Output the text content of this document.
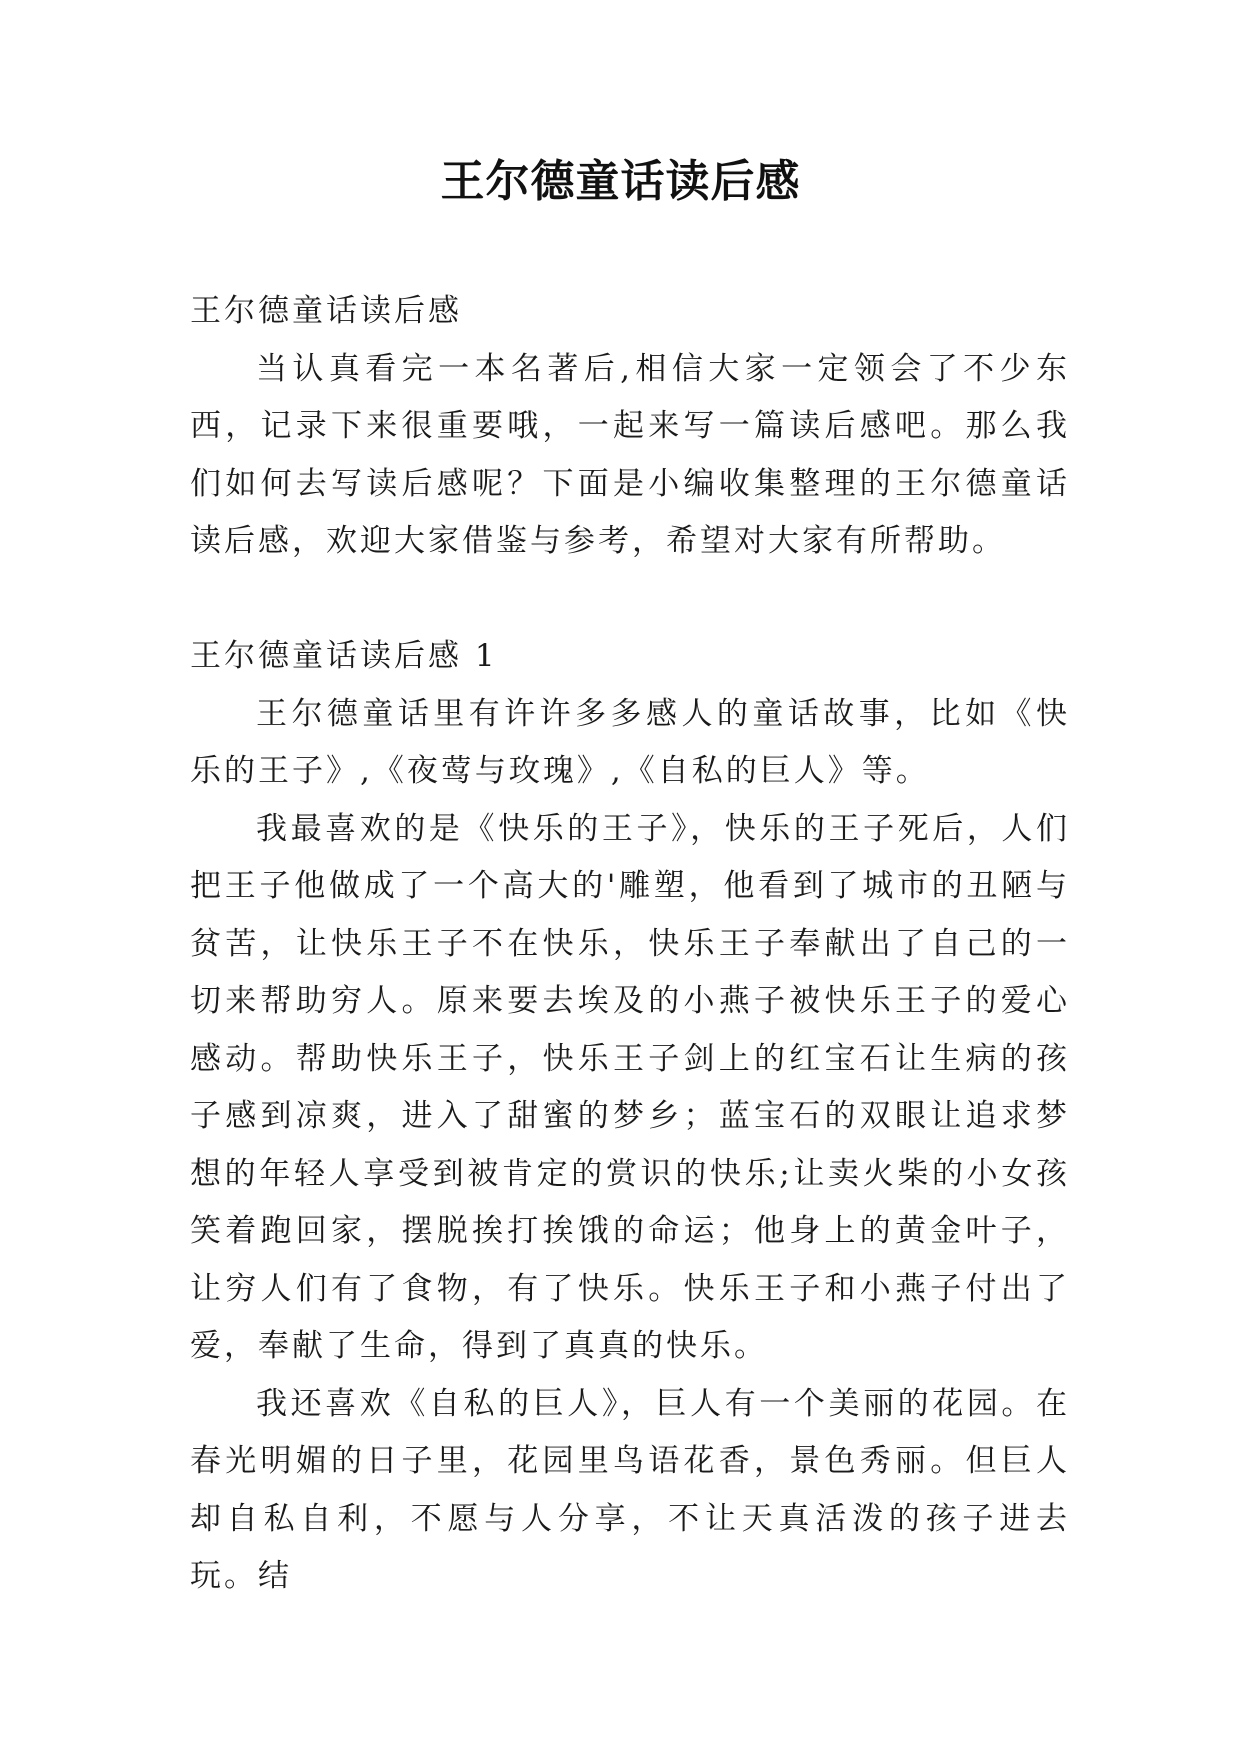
王尔德童话读后感

王尔德童话读后感

当认真看完一本名著后,相信大家一定领会了不少东西，记录下来很重要哦，一起来写一篇读后感吧。那么我们如何去写读后感呢？下面是小编收集整理的王尔德童话读后感，欢迎大家借鉴与参考，希望对大家有所帮助。

王尔德童话读后感 1

王尔德童话里有许许多多感人的童话故事，比如《快乐的王子》,《夜莺与玫瑰》,《自私的巨人》等。

我最喜欢的是《快乐的王子》，快乐的王子死后，人们把王子他做成了一个高大的'雕塑，他看到了城市的丑陋与贫苦，让快乐王子不在快乐，快乐王子奉献出了自己的一切来帮助穷人。原来要去埃及的小燕子被快乐王子的爱心感动。帮助快乐王子，快乐王子剑上的红宝石让生病的孩子感到凉爽，进入了甜蜜的梦乡；蓝宝石的双眼让追求梦想的年轻人享受到被肯定的赏识的快乐;让卖火柴的小女孩笑着跑回家，摆脱挨打挨饿的命运；他身上的黄金叶子，让穷人们有了食物，有了快乐。快乐王子和小燕子付出了爱，奉献了生命，得到了真真的快乐。

我还喜欢《自私的巨人》，巨人有一个美丽的花园。在春光明媚的日子里，花园里鸟语花香，景色秀丽。但巨人却自私自利，不愿与人分享，不让天真活泼的孩子进去玩。结
